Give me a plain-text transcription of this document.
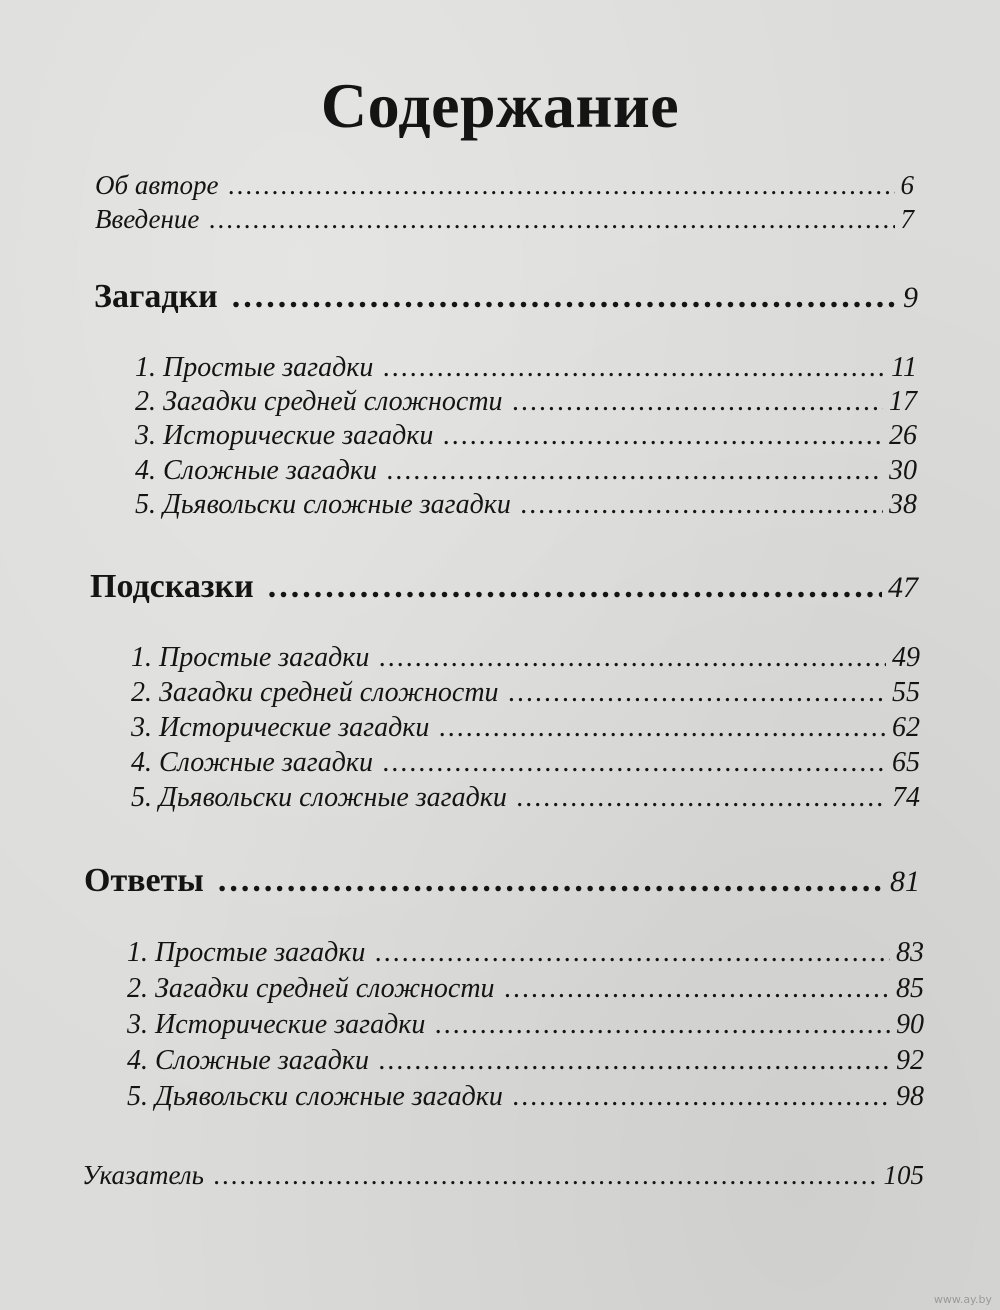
Содержание
Об авторе .....	6
Введение .....	7
Загадки .....	9
1. Простые загадки .....	11
2. Загадки средней сложности .....	17
3. Исторические загадки .....	26
4. Сложные загадки .....	30
5. Дьявольски сложные загадки .....	38
Подсказки .....	47
1. Простые загадки .....	49
2. Загадки средней сложности .....	55
3. Исторические загадки .....	62
4. Сложные загадки .....	65
5. Дьявольски сложные загадки .....	74
Ответы .....	81
1. Простые загадки .....	83
2. Загадки средней сложности .....	85
3. Исторические загадки .....	90
4. Сложные загадки .....	92
5. Дьявольски сложные загадки .....	98
Указатель .....	105
www.ay.by
